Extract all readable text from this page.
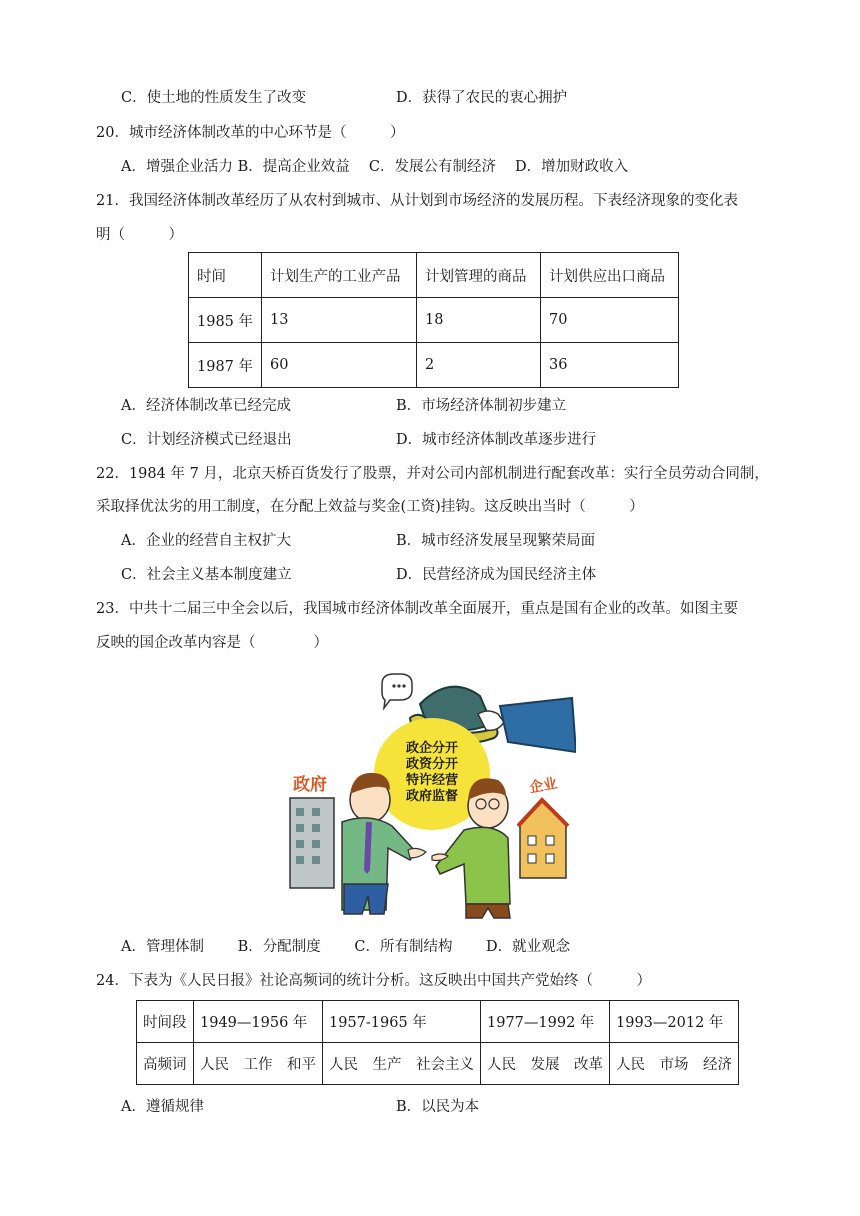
C．使土地的性质发生了改变	D．获得了农民的衷心拥护
20．城市经济体制改革的中心环节是（　　　）
A．增强企业活力 B．提高企业效益　 C．发展公有制经济　 D．增加财政收入
21．我国经济体制改革经历了从农村到城市、从计划到市场经济的发展历程。下表经济现象的变化表
明（　　　）
时间	计划生产的工业产品	计划管理的商品	计划供应出口商品
1985 年	13	18	70
1987 年	60	2	36
A．经济体制改革已经完成	B．市场经济体制初步建立
C．计划经济模式已经退出	D．城市经济体制改革逐步进行
22．1984 年 7 月，北京天桥百货发行了股票，并对公司内部机制进行配套改革：实行全员劳动合同制，
采取择优汰劣的用工制度，在分配上效益与奖金(工资)挂钩。这反映出当时（　　　）
A．企业的经营自主权扩大	B．城市经济发展呈现繁荣局面
C．社会主义基本制度建立	D．民营经济成为国民经济主体
23．中共十二届三中全会以后，我国城市经济体制改革全面展开，重点是国有企业的改革。如图主要
反映的国企改革内容是（　　　　）
政企分开
政资分开
特许经营
政府监督
政府	企业
A．管理体制　　 B．分配制度　　 C．所有制结构　　 D．就业观念
24．下表为《人民日报》社论高频词的统计分析。这反映出中国共产党始终（　　　）
时间段	1949—1956 年	1957-1965 年	1977—1992 年	1993—2012 年
高频词	人民　工作　和平	人民　生产　社会主义	人民　发展　改革	人民　市场　经济
A．遵循规律	B．以民为本
